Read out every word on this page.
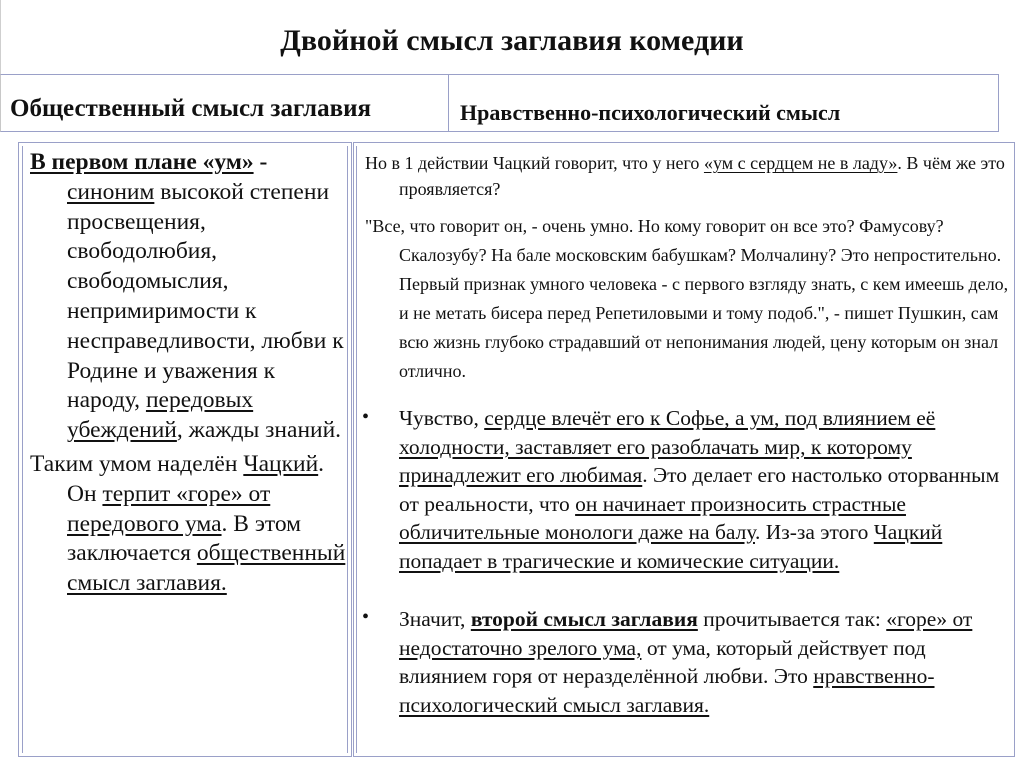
Двойной смысл заглавия комедии
Общественный смысл заглавия	Нравственно-психологический смысл

В первом плане «ум» - синоним высокой степени просвещения, свободолюбия, свободомыслия, непримиримости к несправедливости, любви к Родине и уважения к народу, передовых убеждений, жажды знаний.

Таким умом наделён Чацкий. Он терпит «горе» от передового ума. В этом заключается общественный смысл заглавия.

Но в 1 действии Чацкий говорит, что у него «ум с сердцем не в ладу». В чём же это проявляется?
"Все, что говорит он, - очень умно. Но кому говорит он все это? Фамусову? Скалозубу? На бале московским бабушкам? Молчалину? Это непростительно. Первый признак умного человека - с первого взгляду знать, с кем имеешь дело, и не метать бисера перед Репетиловыми и тому подоб.", - пишет Пушкин, сам всю жизнь глубоко страдавший от непонимания людей, цену которым он знал отлично.
• Чувство, сердце влечёт его к Софье, а ум, под влиянием её холодности, заставляет его разоблачать мир, к которому принадлежит его любимая. Это делает его настолько оторванным от реальности, что он начинает произносить страстные обличительные монологи даже на балу. Из-за этого Чацкий попадает в трагические и комические ситуации.
• Значит, второй смысл заглавия прочитывается так: «горе» от недостаточно зрелого ума, от ума, который действует под влиянием горя от неразделённой любви. Это нравственно-психологический смысл заглавия.
